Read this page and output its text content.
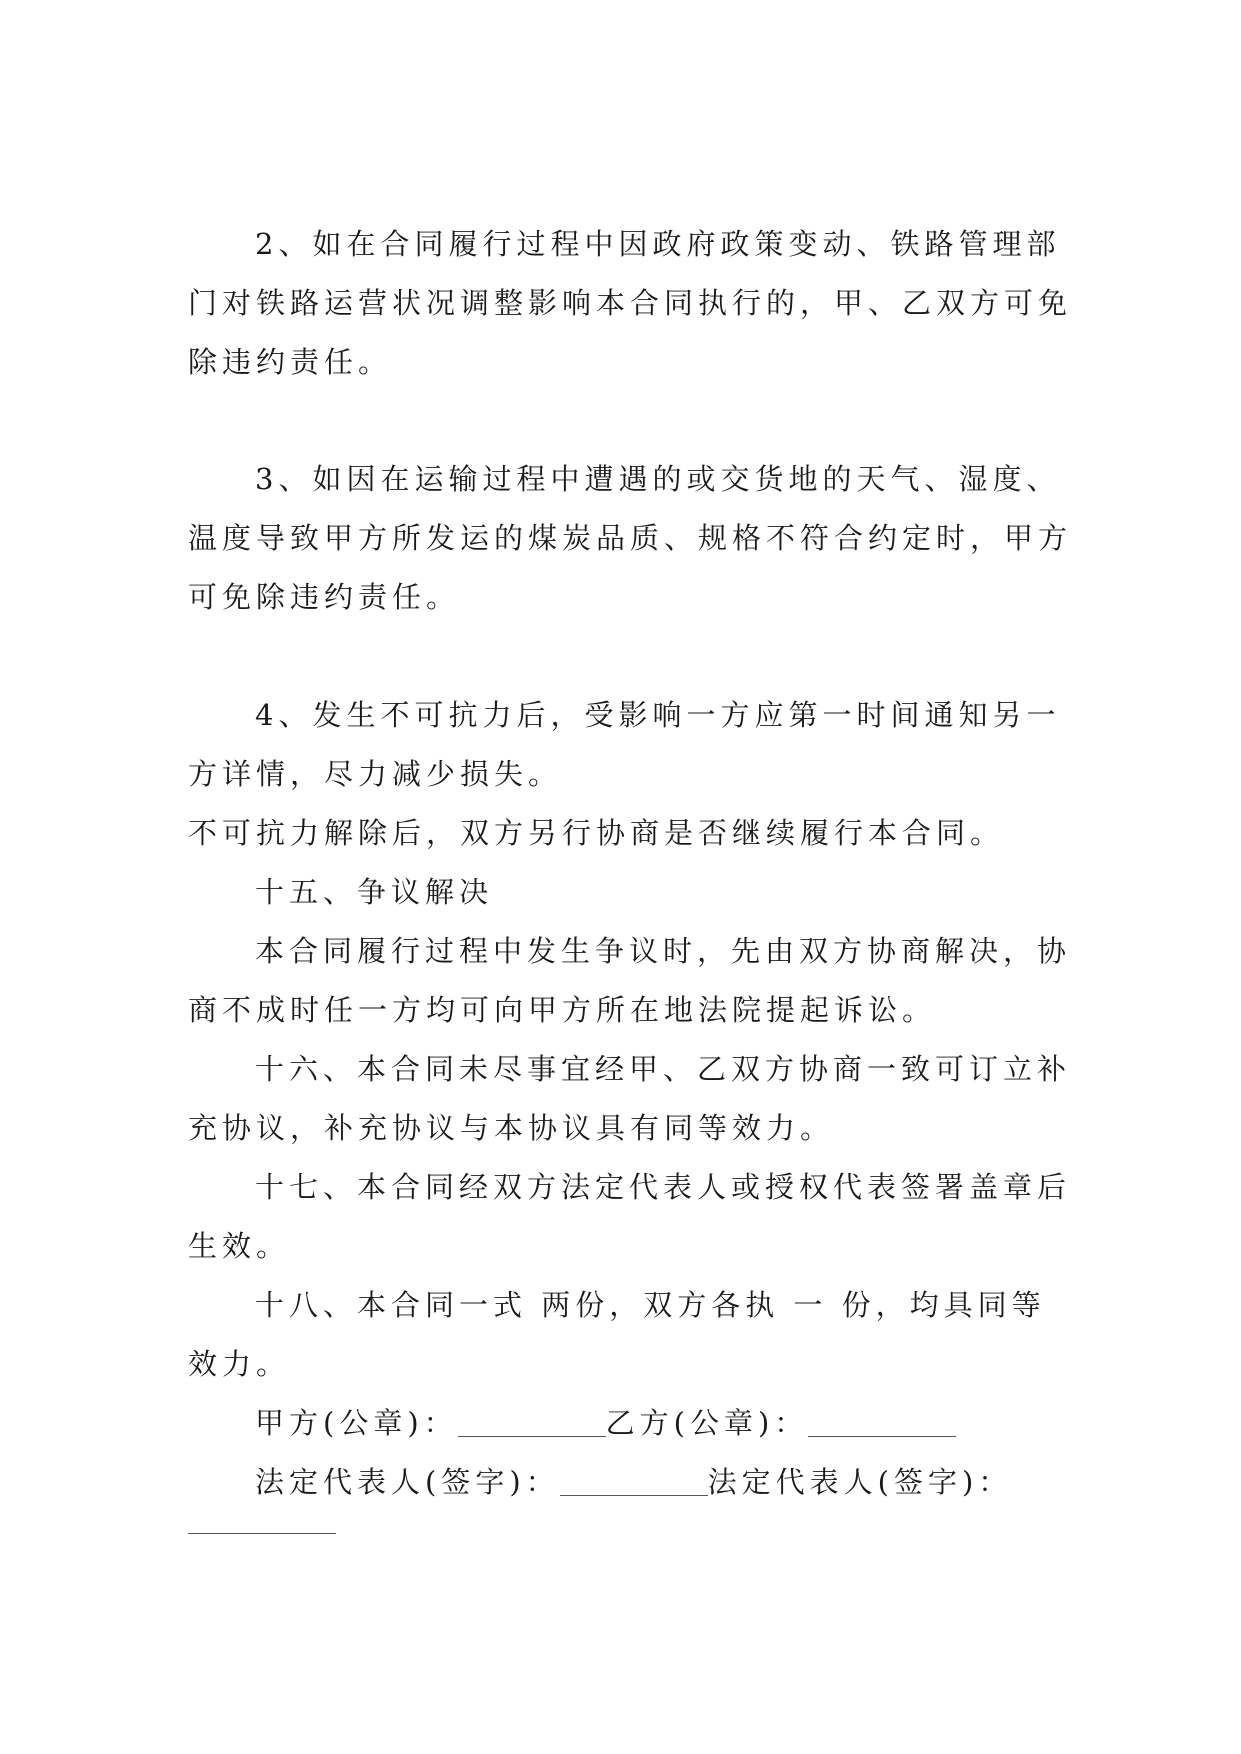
2、如在合同履行过程中因政府政策变动、铁路管理部
门对铁路运营状况调整影响本合同执行的，甲、乙双方可免
除违约责任。
3、如因在运输过程中遭遇的或交货地的天气、湿度、
温度导致甲方所发运的煤炭品质、规格不符合约定时，甲方
可免除违约责任。
4、发生不可抗力后，受影响一方应第一时间通知另一
方详情，尽力减少损失。
不可抗力解除后，双方另行协商是否继续履行本合同。
十五、争议解决
本合同履行过程中发生争议时，先由双方协商解决，协
商不成时任一方均可向甲方所在地法院提起诉讼。
十六、本合同未尽事宜经甲、乙双方协商一致可订立补
充协议，补充协议与本协议具有同等效力。
十七、本合同经双方法定代表人或授权代表签署盖章后
生效。
十八、本合同一式 两份，双方各执 一 份，均具同等
效力。
甲方(公章)：	乙方(公章)：
法定代表人(签字)：	法定代表人(签字)：
